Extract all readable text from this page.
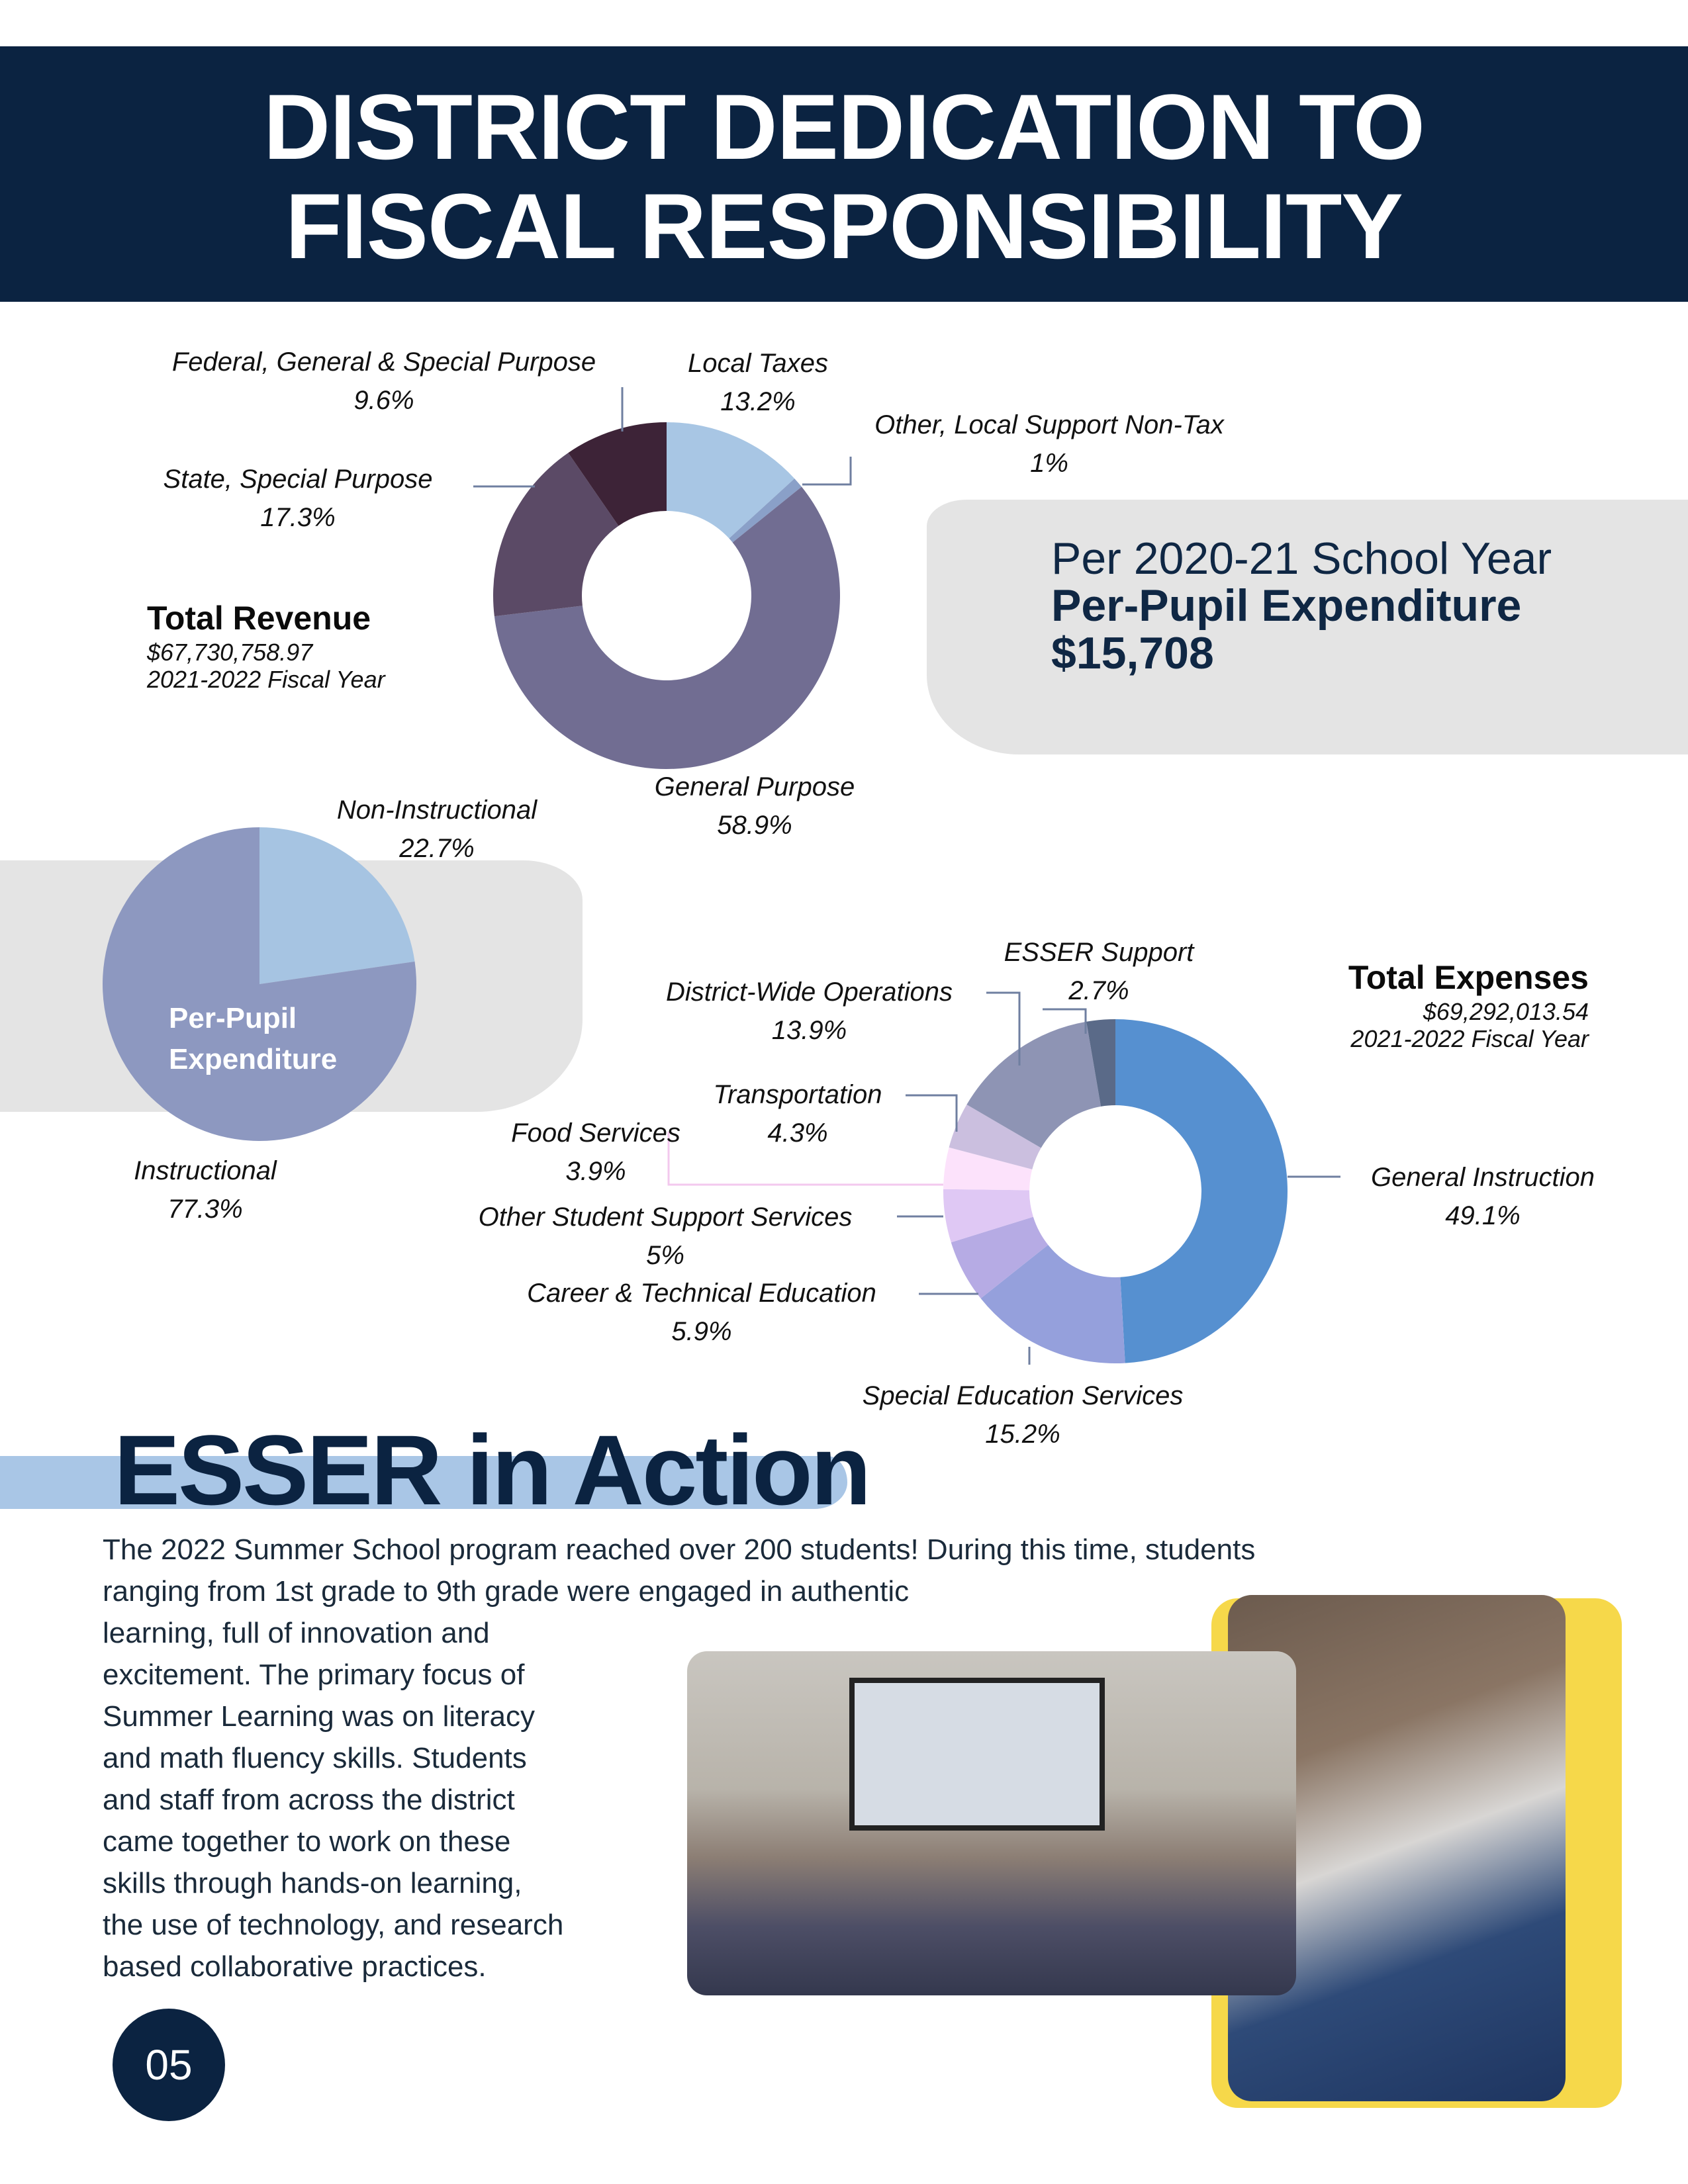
DISTRICT DEDICATION TO
FISCAL RESPONSIBILITY
Federal, General & Special Purpose
9.6%
Local Taxes
13.2%
Other, Local Support Non-Tax
1%
State, Special Purpose
17.3%
General Purpose
58.9%
Total Revenue
$67,730,758.97
2021-2022 Fiscal Year
Per 2020-21 School Year
Per-Pupil Expenditure
$15,708
Non-Instructional
22.7%
Instructional
77.3%
Per-Pupil
Expenditure
ESSER Support
2.7%
District-Wide Operations
13.9%
Transportation
4.3%
Food Services
3.9%
Other Student Support Services
5%
Career & Technical Education
5.9%
Special Education Services
15.2%
General Instruction
49.1%
Total Expenses
$69,292,013.54
2021-2022 Fiscal Year
ESSER in Action
The 2022 Summer School program reached over 200 students! During this time, students
ranging from 1st grade to 9th grade were engaged in authentic
learning, full of innovation and
excitement. The primary focus of
Summer Learning was on literacy
and math fluency skills. Students
and staff from across the district
came together to work on these
skills through hands-on learning,
the use of technology, and research
based collaborative practices.
05
